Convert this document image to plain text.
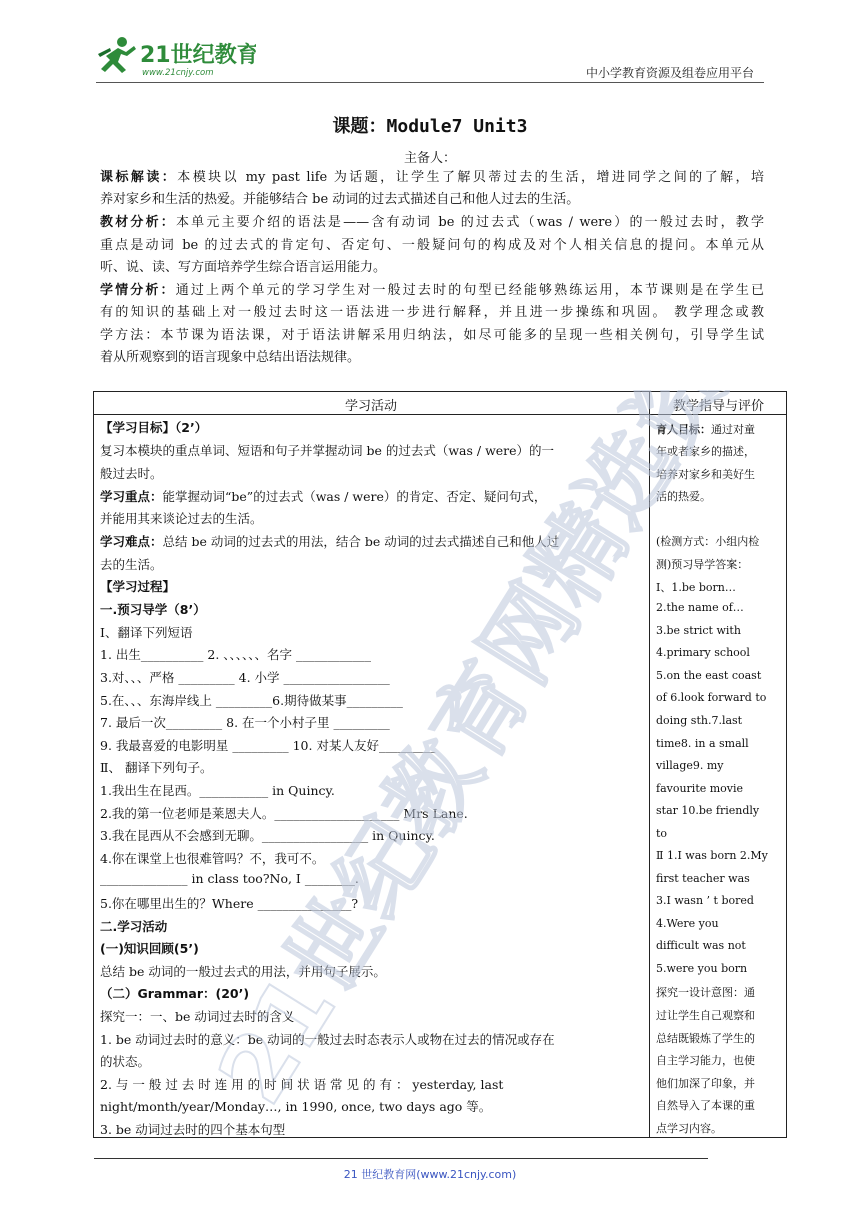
21世纪教育
www.21cnjy.com	中小学教育资源及组卷应用平台
课题：Module7 Unit3
主备人：
课标解读：本模块以 my past life 为话题，让学生了解贝蒂过去的生活，增进同学之间的了解，培
养对家乡和生活的热爱。并能够结合 be 动词的过去式描述自己和他人过去的生活。
教材分析：本单元主要介绍的语法是——含有动词 be 的过去式（was / were）的一般过去时，教学
重点是动词 be 的过去式的肯定句、否定句、一般疑问句的构成及对个人相关信息的提问。本单元从
听、说、读、写方面培养学生综合语言运用能力。
学情分析：通过上两个单元的学习学生对一般过去时的句型已经能够熟练运用，本节课则是在学生已
有的知识的基础上对一般过去时这一语法进一步进行解释，并且进一步操练和巩固。 教学理念或教
学方法：本节课为语法课，对于语法讲解采用归纳法，如尽可能多的呈现一些相关例句，引导学生试
着从所观察到的语言现象中总结出语法规律。
学习活动	教学指导与评价
【学习目标】（2’）
复习本模块的重点单词、短语和句子并掌握动词 be 的过去式（was / were）的一
般过去时。
学习重点：能掌握动词“be”的过去式（was / were）的肯定、否定、疑问句式，
并能用其来谈论过去的生活。
学习难点：总结 be 动词的过去式的用法，结合 be 动词的过去式描述自己和他人过
去的生活。
【学习过程】
一.预习导学（8’）
Ⅰ、翻译下列短语
1. 出生__________ 2. 、、、、、、名字 ____________
3.对、、、严格 _________ 4. 小学 _________________
5.在、、、东海岸线上 _________6.期待做某事_________
7. 最后一次_________ 8. 在一个小村子里 _________
9. 我最喜爱的电影明星 _________ 10. 对某人友好_________
Ⅱ、 翻译下列句子。
1.我出生在昆西。___________ in Quincy.
2.我的第一位老师是莱恩夫人。____________________ Mrs Lane.
3.我在昆西从不会感到无聊。_________________ in Quincy.
4.你在课堂上也很难管吗？不，我可不。
______________ in class too?No, I ________.
5.你在哪里出生的？Where _______________?
二.学习活动
(一)知识回顾(5’)
总结 be 动词的一般过去式的用法，并用句子展示。
（二）Grammar：(20’)
探究一：一、be 动词过去时的含义
1. be 动词过去时的意义：be 动词的一般过去时态表示人或物在过去的情况或存在
的状态。
2. 与 一 般 过 去 时 连 用 的 时 间 状 语 常 见 的 有 ： yesterday, last
night/month/year/Monday…, in 1990, once, two days ago 等。
3. be 动词过去时的四个基本句型
育人目标：通过对童
年或者家乡的描述，
培养对家乡和美好生
活的热爱。
(检测方式：小组内检
测)预习导学答案：
Ⅰ、1.be born…
2.the name of…
3.be strict with
4.primary school
5.on the east coast
of 6.look forward to
doing sth.7.last
time8. in a small
village9. my
favourite movie
star 10.be friendly
to
Ⅱ 1.I was born 2.My
first teacher was
3.I wasn ’ t bored
4.Were you
difficult was not
5.were you born
探究一设计意图：通
过让学生自己观察和
总结既锻炼了学生的
自主学习能力，也使
他们加深了印象，并
自然导入了本课的重
点学习内容。
21世纪教育网精选资料
21 世纪教育网(www.21cnjy.com)
